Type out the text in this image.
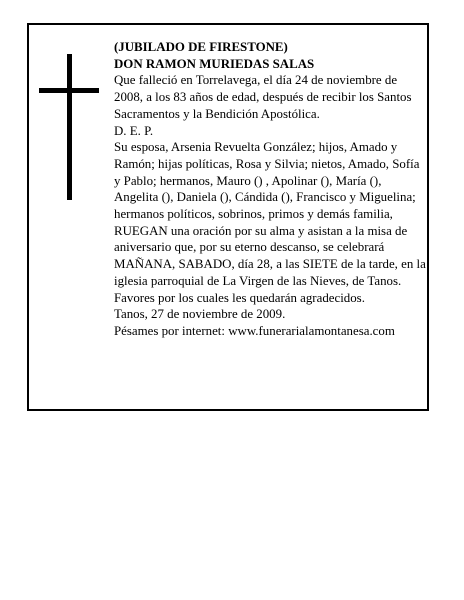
(JUBILADO DE FIRESTONE)

DON RAMON MURIEDAS SALAS

Que falleció en Torrelavega, el día 24 de noviembre de 2008, a los 83 años de edad, después de recibir los Santos Sacramentos y la Bendición Apostólica.

D. E. P.

Su esposa, Arsenia Revuelta González; hijos, Amado y Ramón; hijas políticas, Rosa y Silvia; nietos, Amado, Sofía y Pablo; hermanos, Mauro () , Apolinar (), María (), Angelita (), Daniela (), Cándida (), Francisco y Miguelina; hermanos políticos, sobrinos, primos y demás familia,

RUEGAN una oración por su alma y asistan a la misa de aniversario que, por su eterno descanso, se celebrará MAÑANA, SABADO, día 28, a las SIETE de la tarde, en la iglesia parroquial de La Virgen de las Nieves, de Tanos. Favores por los cuales les quedarán agradecidos.

Tanos, 27 de noviembre de 2009.

Pésames por internet: www.funerarialamontanesa.com
